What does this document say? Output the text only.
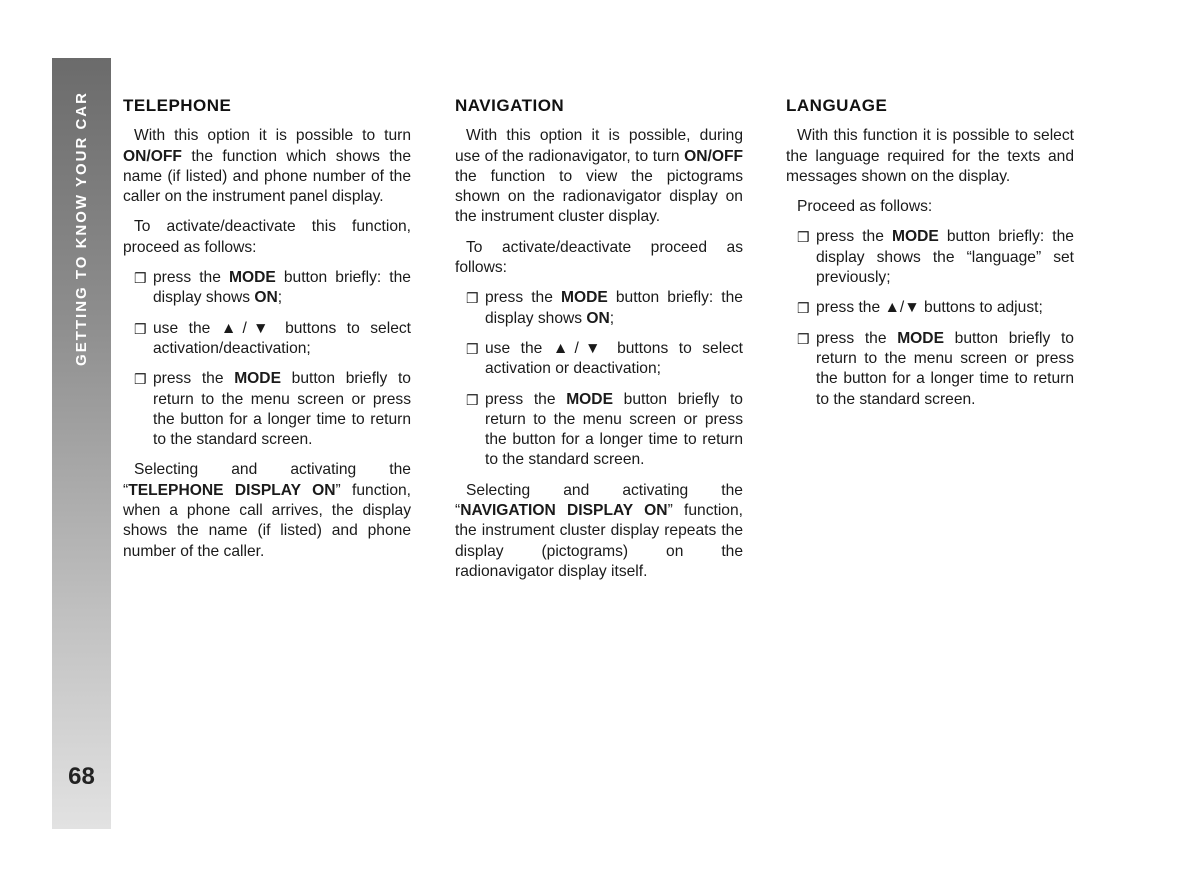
GETTING TO KNOW YOUR CAR
68
TELEPHONE

With this option it is possible to turn ON/OFF the function which shows the name (if listed) and phone number of the caller on the instrument panel display.

To activate/deactivate this function, proceed as follows:

❒ press the MODE button briefly: the display shows ON;
❒ use the ▲/▼ buttons to select activation/deactivation;
❒ press the MODE button briefly to return to the menu screen or press the button for a longer time to return to the standard screen.

Selecting and activating the “TELEPHONE DISPLAY ON” function, when a phone call arrives, the display shows the name (if listed) and phone number of the caller.

NAVIGATION

With this option it is possible, during use of the radionavigator, to turn ON/OFF the function to view the pictograms shown on the radionavigator display on the instrument cluster display.

To activate/deactivate proceed as follows:

❒ press the MODE button briefly: the display shows ON;
❒ use the ▲/▼ buttons to select activation or deactivation;
❒ press the MODE button briefly to return to the menu screen or press the button for a longer time to return to the standard screen.

Selecting and activating the “NAVIGATION DISPLAY ON” function, the instrument cluster display repeats the display (pictograms) on the radionavigator display itself.

LANGUAGE

With this function it is possible to select the language required for the texts and messages shown on the display.

Proceed as follows:

❒ press the MODE button briefly: the display shows the “language” set previously;
❒ press the ▲/▼ buttons to adjust;
❒ press the MODE button briefly to return to the menu screen or press the button for a longer time to return to the standard screen.
